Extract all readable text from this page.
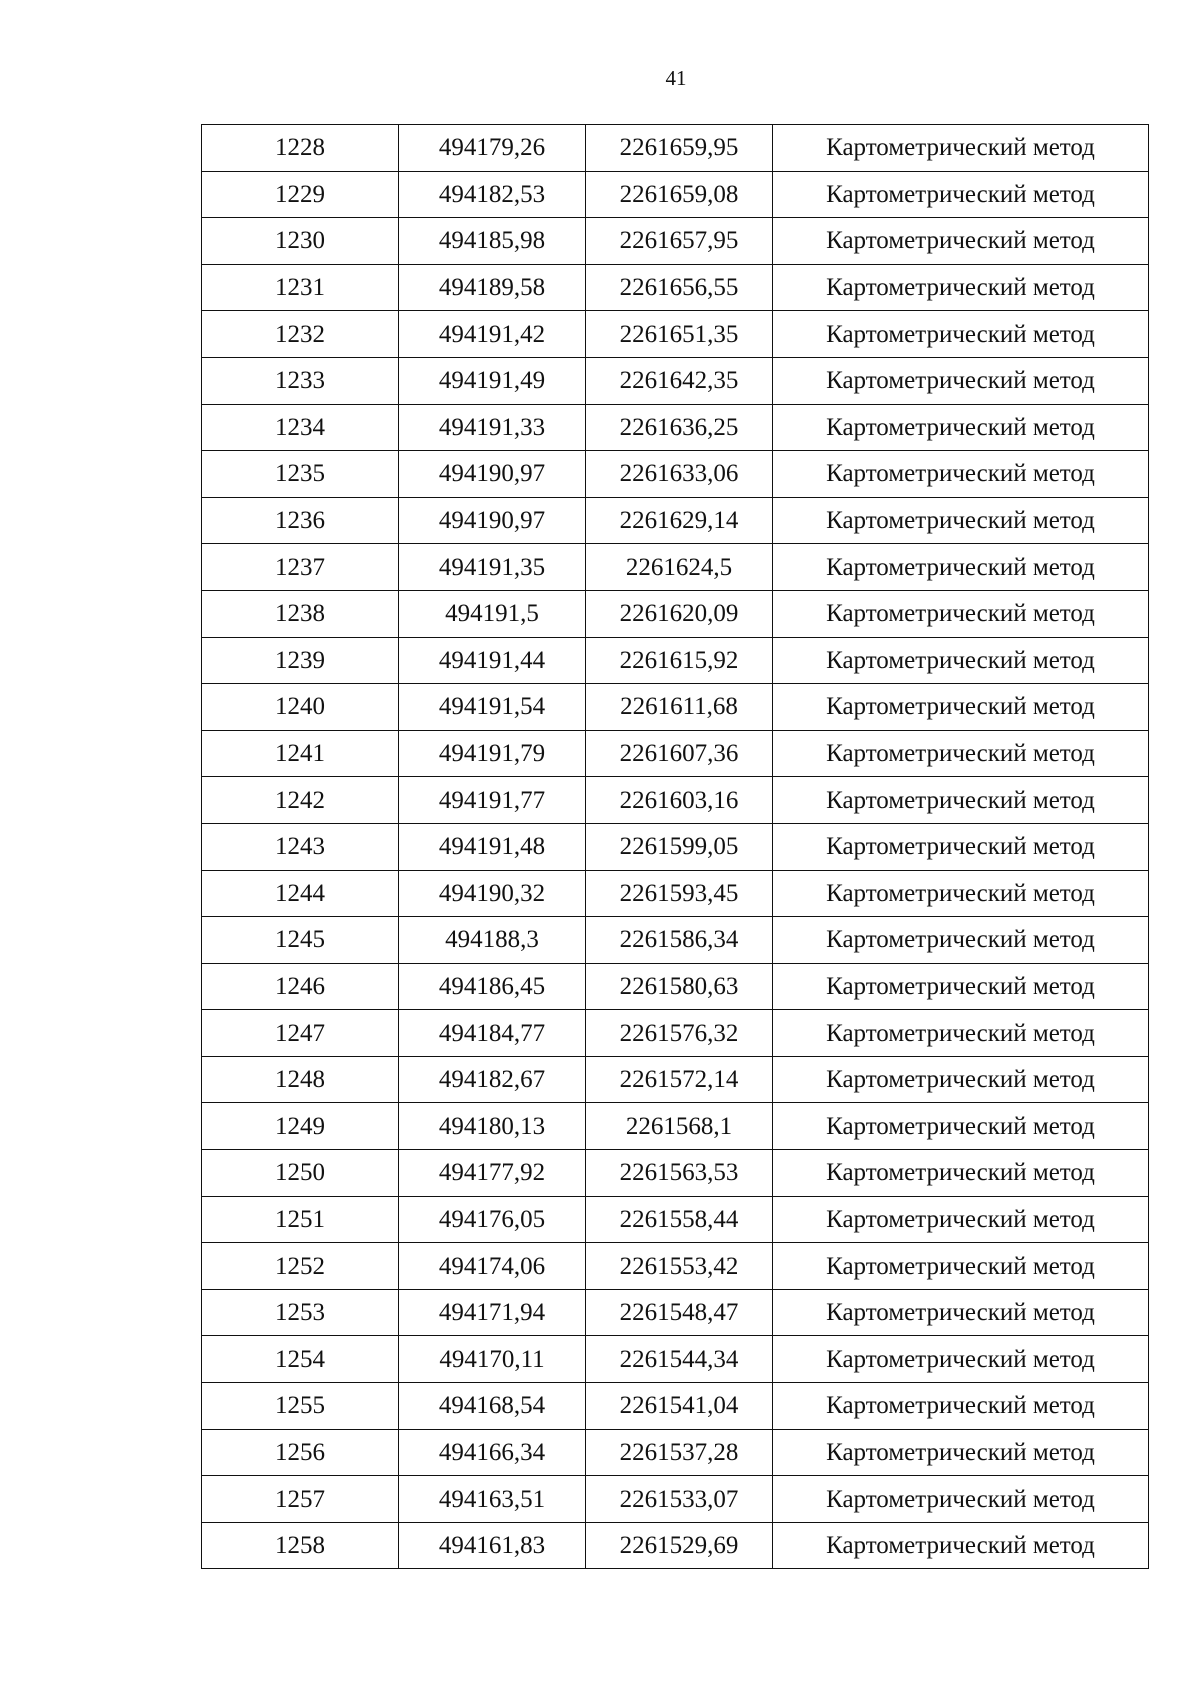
41
1228	494179,26	2261659,95	Картометрический метод
1229	494182,53	2261659,08	Картометрический метод
1230	494185,98	2261657,95	Картометрический метод
1231	494189,58	2261656,55	Картометрический метод
1232	494191,42	2261651,35	Картометрический метод
1233	494191,49	2261642,35	Картометрический метод
1234	494191,33	2261636,25	Картометрический метод
1235	494190,97	2261633,06	Картометрический метод
1236	494190,97	2261629,14	Картометрический метод
1237	494191,35	2261624,5	Картометрический метод
1238	494191,5	2261620,09	Картометрический метод
1239	494191,44	2261615,92	Картометрический метод
1240	494191,54	2261611,68	Картометрический метод
1241	494191,79	2261607,36	Картометрический метод
1242	494191,77	2261603,16	Картометрический метод
1243	494191,48	2261599,05	Картометрический метод
1244	494190,32	2261593,45	Картометрический метод
1245	494188,3	2261586,34	Картометрический метод
1246	494186,45	2261580,63	Картометрический метод
1247	494184,77	2261576,32	Картометрический метод
1248	494182,67	2261572,14	Картометрический метод
1249	494180,13	2261568,1	Картометрический метод
1250	494177,92	2261563,53	Картометрический метод
1251	494176,05	2261558,44	Картометрический метод
1252	494174,06	2261553,42	Картометрический метод
1253	494171,94	2261548,47	Картометрический метод
1254	494170,11	2261544,34	Картометрический метод
1255	494168,54	2261541,04	Картометрический метод
1256	494166,34	2261537,28	Картометрический метод
1257	494163,51	2261533,07	Картометрический метод
1258	494161,83	2261529,69	Картометрический метод
